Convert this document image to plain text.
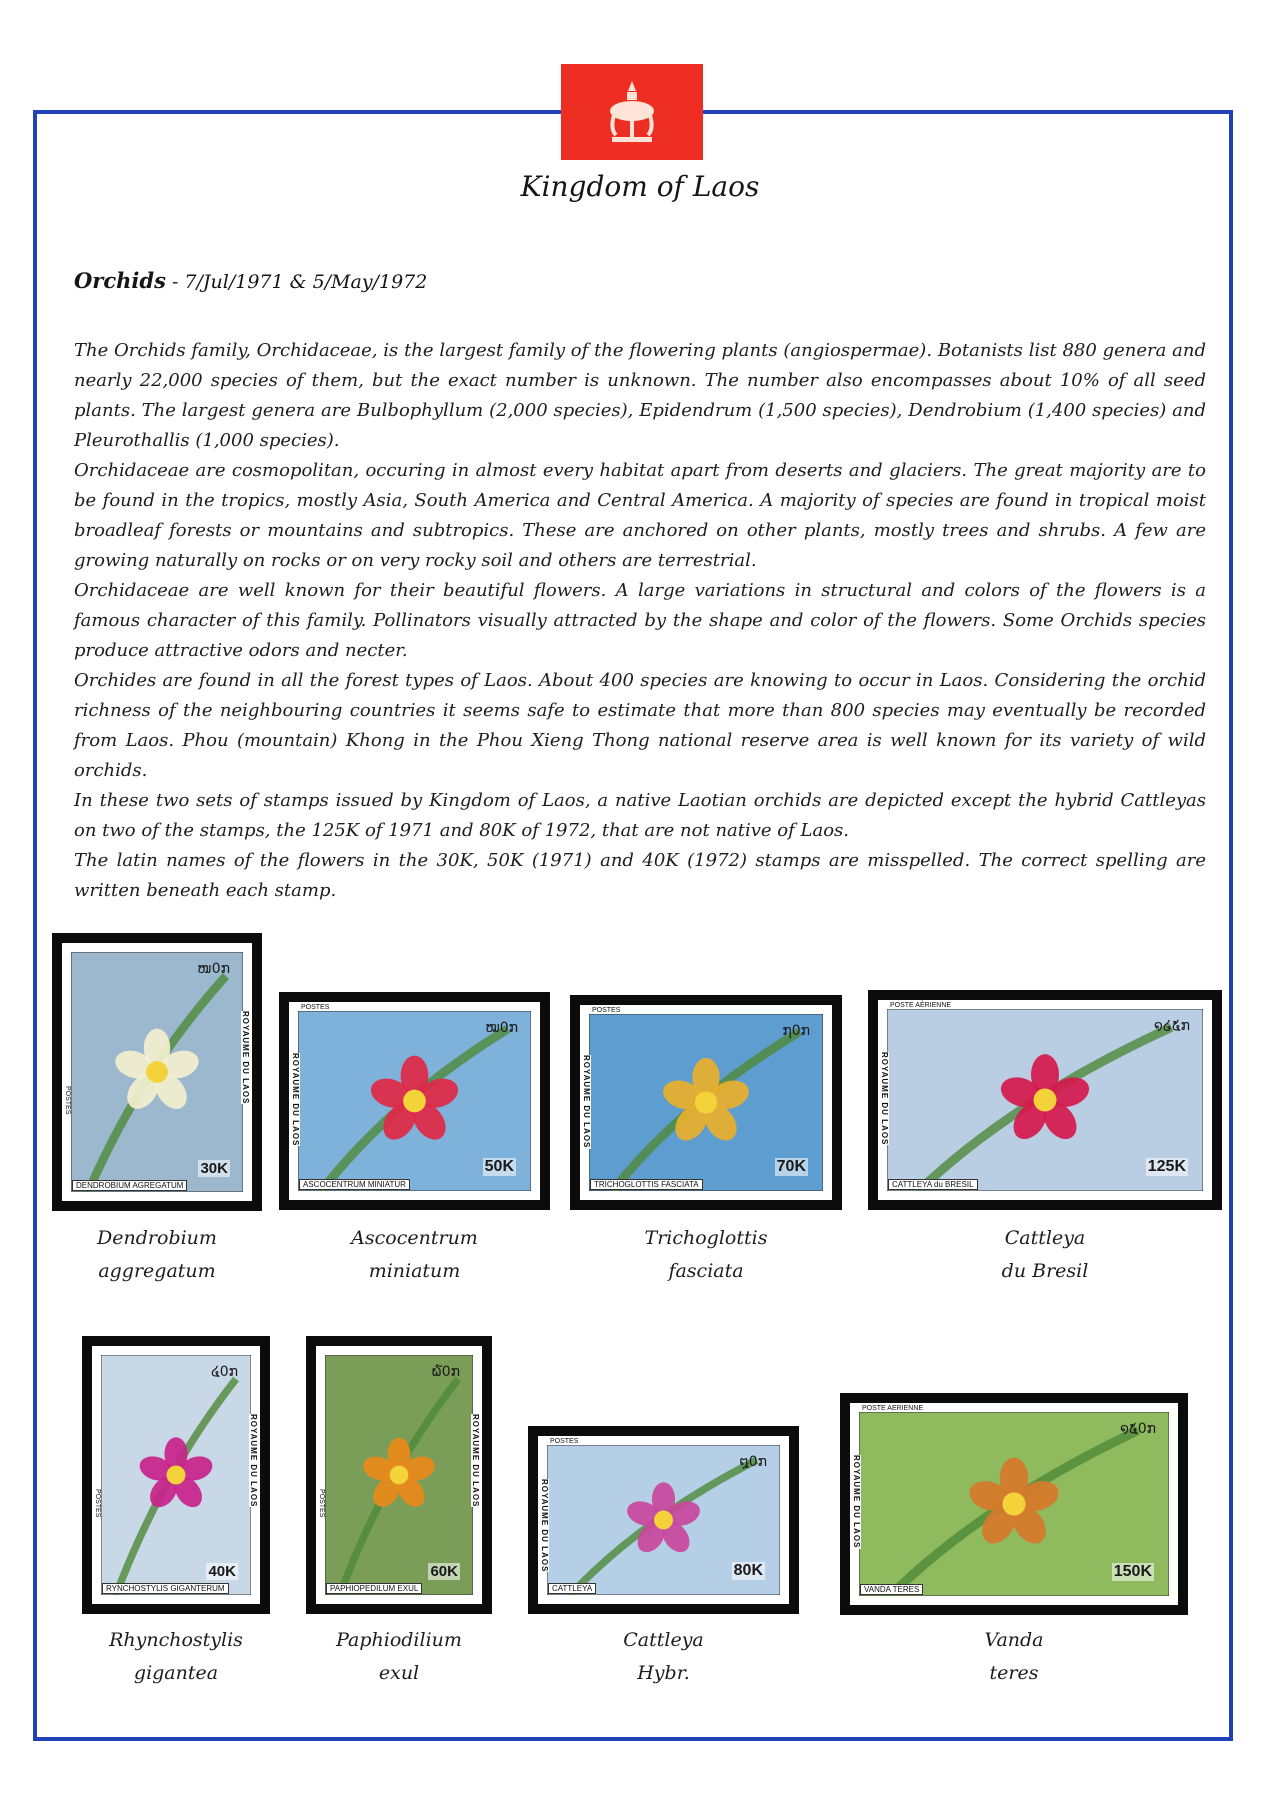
Kingdom of Laos
Orchids - 7/Jul/1971 & 5/May/1972

The Orchids family, Orchidaceae, is the largest family of the flowering plants (angiospermae). Botanists list 880 genera and nearly 22,000 species of them, but the exact number is unknown. The number also encompasses about 10% of all seed plants. The largest genera are Bulbophyllum (2,000 species), Epidendrum (1,500 species), Dendrobium (1,400 species) and Pleurothallis (1,000 species).

Orchidaceae are cosmopolitan, occuring in almost every habitat apart from deserts and glaciers. The great majority are to be found in the tropics, mostly Asia, South America and Central America. A majority of species are found in tropical moist broadleaf forests or mountains and subtropics. These are anchored on other plants, mostly trees and shrubs. A few are growing naturally on rocks or on very rocky soil and others are terrestrial.

Orchidaceae are well known for their beautiful flowers. A large variations in structural and colors of the flowers is a famous character of this family. Pollinators visually attracted by the shape and color of the flowers. Some Orchids species produce attractive odors and necter.

Orchides are found in all the forest types of Laos. About 400 species are knowing to occur in Laos. Considering the orchid richness of the neighbouring countries it seems safe to estimate that more than 800 species may eventually be recorded from Laos. Phou (mountain) Khong in the Phou Xieng Thong national reserve area is well known for its variety of wild orchids.

In these two sets of stamps issued by Kingdom of Laos, a native Laotian orchids are depicted except the hybrid Cattleyas on two of the stamps, the 125K of 1971 and 80K of 1972, that are not native of Laos.

The latin names of the flowers in the 30K, 50K (1971) and 40K (1972) stamps are misspelled. The correct spelling are written beneath each stamp.

30K
ໜ0ກ
DENDROBIUM AGREGATUM
ROYAUME DU LAOS
POSTES
Dendrobium
aggregatum
50K
ໝ0ກ
ASCOCENTRUM MINIATUR
ROYAUME DU LAOS
POSTES
Ascocentrum
miniatum
70K
໗0ກ
TRICHOGLOTTIS FASCIATA
ROYAUME DU LAOS
POSTES
Trichoglottis
fasciata
125K
໑໒໕ກ
CATTLEYA du BRESIL
ROYAUME DU LAOS
POSTE AÉRIENNE
Cattleya
du Bresil
40K
໔0ກ
RYNCHOSTYLIS GIGANTERUM
ROYAUME DU LAOS
POSTES
Rhynchostylis
gigantea
60K
໖0ກ
PAPHIOPEDILUM EXUL
ROYAUME DU LAOS
POSTES
Paphiodilium
exul
80K
໘0ກ
CATTLEYA
ROYAUME DU LAOS
POSTES
Cattleya
Hybr.
150K
໑໕0ກ
VANDA TERES
ROYAUME DU LAOS
POSTE AERIENNE
Vanda
teres
